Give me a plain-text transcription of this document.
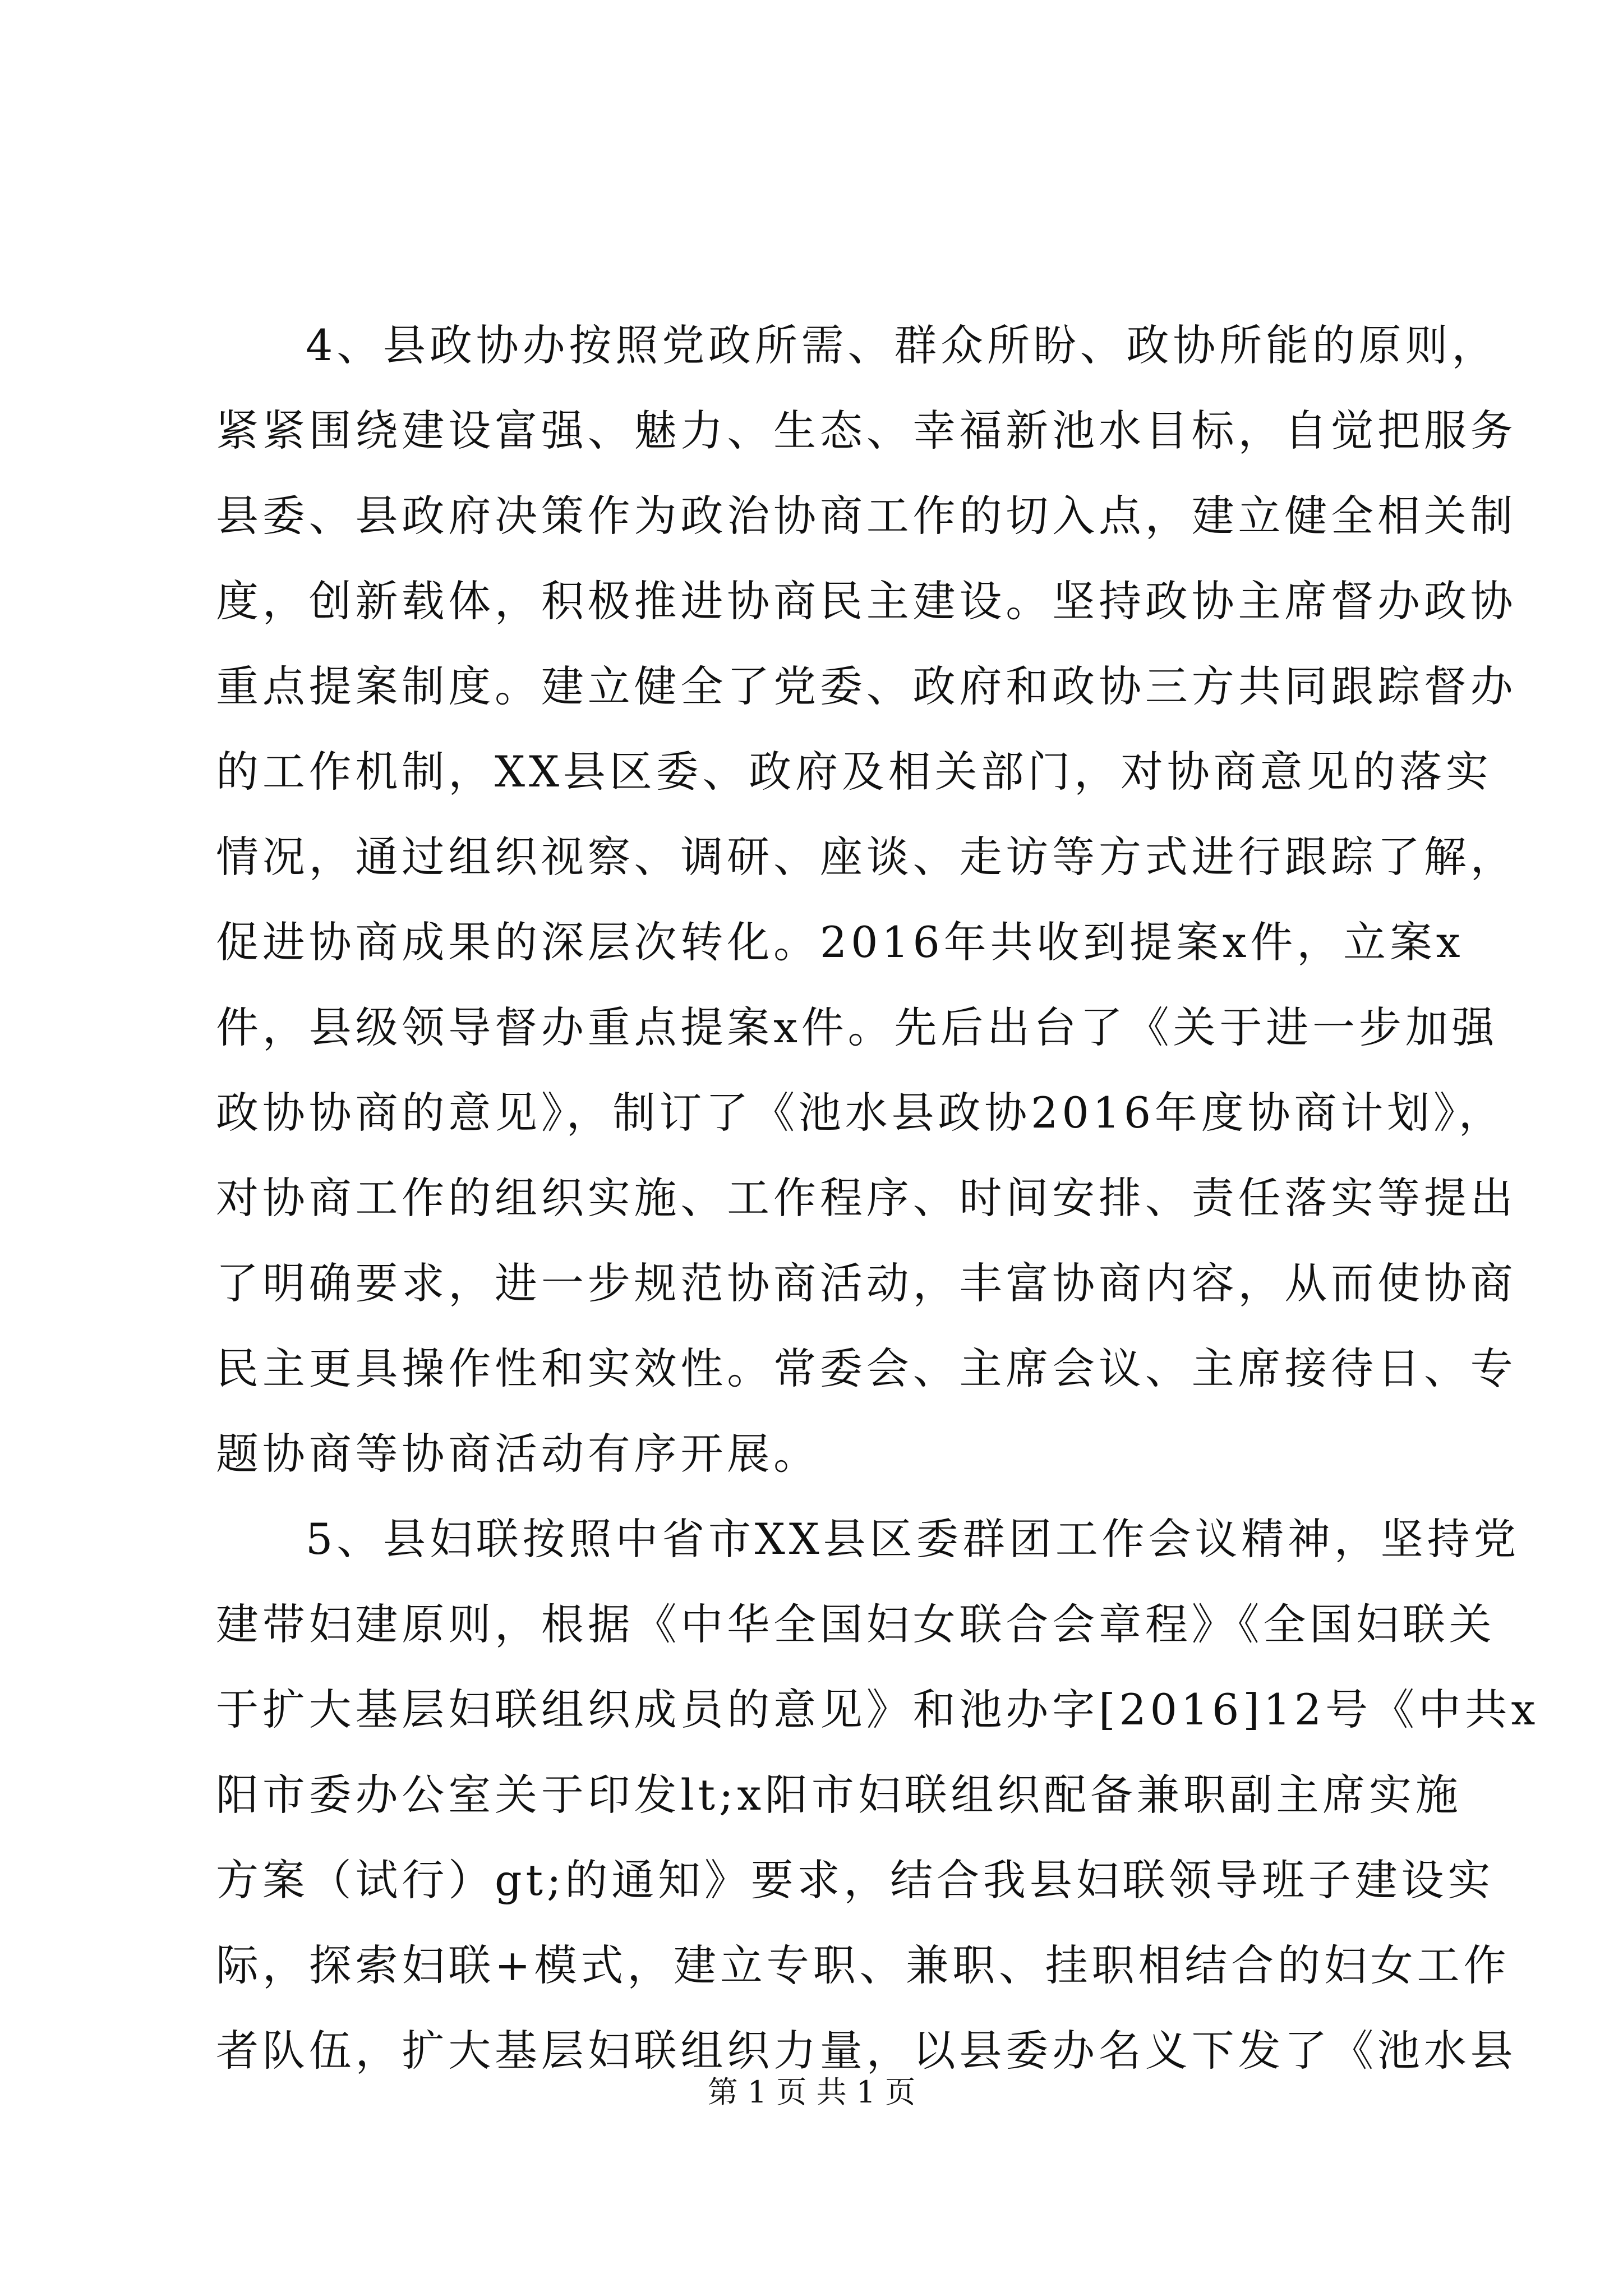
4、县政协办按照党政所需、群众所盼、政协所能的原则，
紧紧围绕建设富强、魅力、生态、幸福新池水目标，自觉把服务
县委、县政府决策作为政治协商工作的切入点，建立健全相关制
度，创新载体，积极推进协商民主建设。坚持政协主席督办政协
重点提案制度。建立健全了党委、政府和政协三方共同跟踪督办
的工作机制，XX县区委、政府及相关部门，对协商意见的落实
情况，通过组织视察、调研、座谈、走访等方式进行跟踪了解，
促进协商成果的深层次转化。2016年共收到提案x件，立案x
件，县级领导督办重点提案x件。先后出台了《关于进一步加强
政协协商的意见》，制订了《池水县政协2016年度协商计划》，
对协商工作的组织实施、工作程序、时间安排、责任落实等提出
了明确要求，进一步规范协商活动，丰富协商内容，从而使协商
民主更具操作性和实效性。常委会、主席会议、主席接待日、专
题协商等协商活动有序开展。
5、县妇联按照中省市XX县区委群团工作会议精神，坚持党
建带妇建原则，根据《中华全国妇女联合会章程》《全国妇联关
于扩大基层妇联组织成员的意见》和池办字[2016]12号《中共x
阳市委办公室关于印发lt;x阳市妇联组织配备兼职副主席实施
方案（试行）gt;的通知》要求，结合我县妇联领导班子建设实
际，探索妇联+模式，建立专职、兼职、挂职相结合的妇女工作
者队伍，扩大基层妇联组织力量，以县委办名义下发了《池水县
第 1 页 共 1 页
